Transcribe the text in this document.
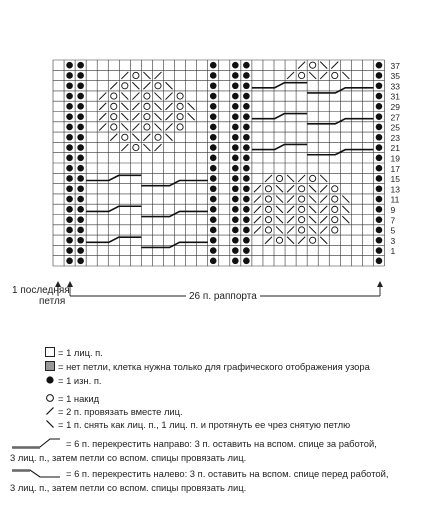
37
35
33
31
29
27
25
23
21
19
17
15
13
11
9
7
5
3
1
1 последняя
петля	26 п. раппорта
= 1 лиц. п.
= нет петли, клетка нужна только для графического отображения узора
= 1 изн. п.
= 1 накид
= 2 п. провязать вместе лиц.
= 1 п. снять как лиц. п., 1 лиц. п. и протянуть ее чрез снятую петлю
= 6 п. перекрестить направо: 3 п. оставить на вспом. спице за работой,
3 лиц. п., затем петли со вспом. спицы провязать лиц.
= 6 п. перекрестить налево: 3 п. оставить на вспом. спице перед работой,
3 лиц. п., затем петли со вспом. спицы провязать лиц.
